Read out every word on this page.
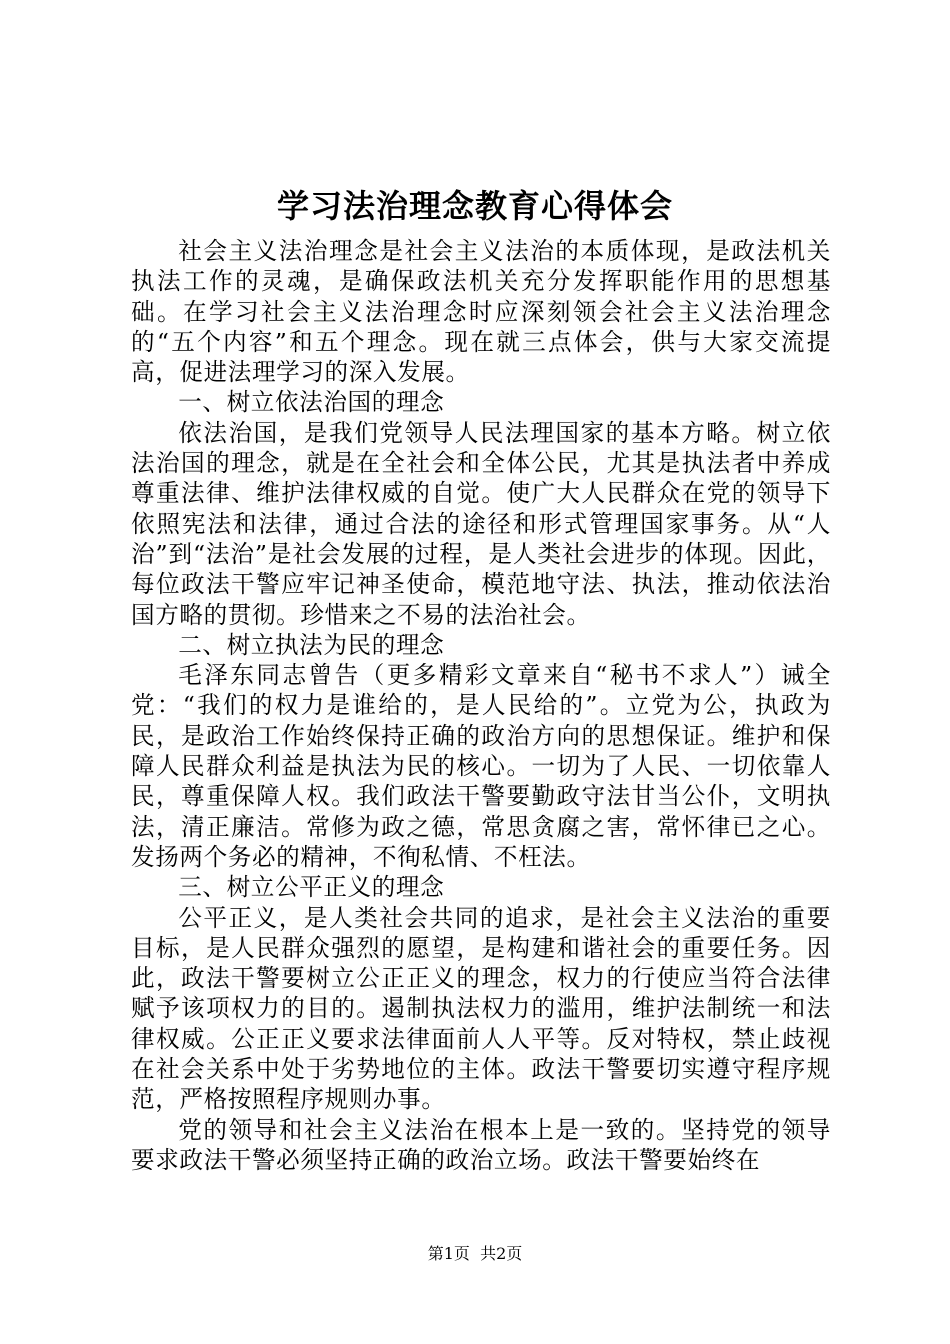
学习法治理念教育心得体会

社会主义法治理念是社会主义法治的本质体现，是政法机关执法工作的灵魂，是确保政法机关充分发挥职能作用的思想基础。在学习社会主义法治理念时应深刻领会社会主义法治理念的“五个内容”和五个理念。现在就三点体会，供与大家交流提高，促进法理学习的深入发展。

一、树立依法治国的理念

依法治国，是我们党领导人民法理国家的基本方略。树立依法治国的理念，就是在全社会和全体公民，尤其是执法者中养成尊重法律、维护法律权威的自觉。使广大人民群众在党的领导下依照宪法和法律，通过合法的途径和形式管理国家事务。从“人治”到“法治”是社会发展的过程，是人类社会进步的体现。因此，每位政法干警应牢记神圣使命，模范地守法、执法，推动依法治国方略的贯彻。珍惜来之不易的法治社会。

二、树立执法为民的理念

毛泽东同志曾告（更多精彩文章来自“秘书不求人”）诫全党：“我们的权力是谁给的，是人民给的”。立党为公，执政为民，是政治工作始终保持正确的政治方向的思想保证。维护和保障人民群众利益是执法为民的核心。一切为了人民、一切依靠人民，尊重保障人权。我们政法干警要勤政守法甘当公仆，文明执法，清正廉洁。常修为政之德，常思贪腐之害，常怀律已之心。发扬两个务必的精神，不徇私情、不枉法。

三、树立公平正义的理念

公平正义，是人类社会共同的追求，是社会主义法治的重要目标，是人民群众强烈的愿望，是构建和谐社会的重要任务。因此，政法干警要树立公正正义的理念，权力的行使应当符合法律赋予该项权力的目的。遏制执法权力的滥用，维护法制统一和法律权威。公正正义要求法律面前人人平等。反对特权，禁止歧视在社会关系中处于劣势地位的主体。政法干警要切实遵守程序规范，严格按照程序规则办事。

党的领导和社会主义法治在根本上是一致的。坚持党的领导要求政法干警必须坚持正确的政治立场。政法干警要始终在

第1页 共2页
